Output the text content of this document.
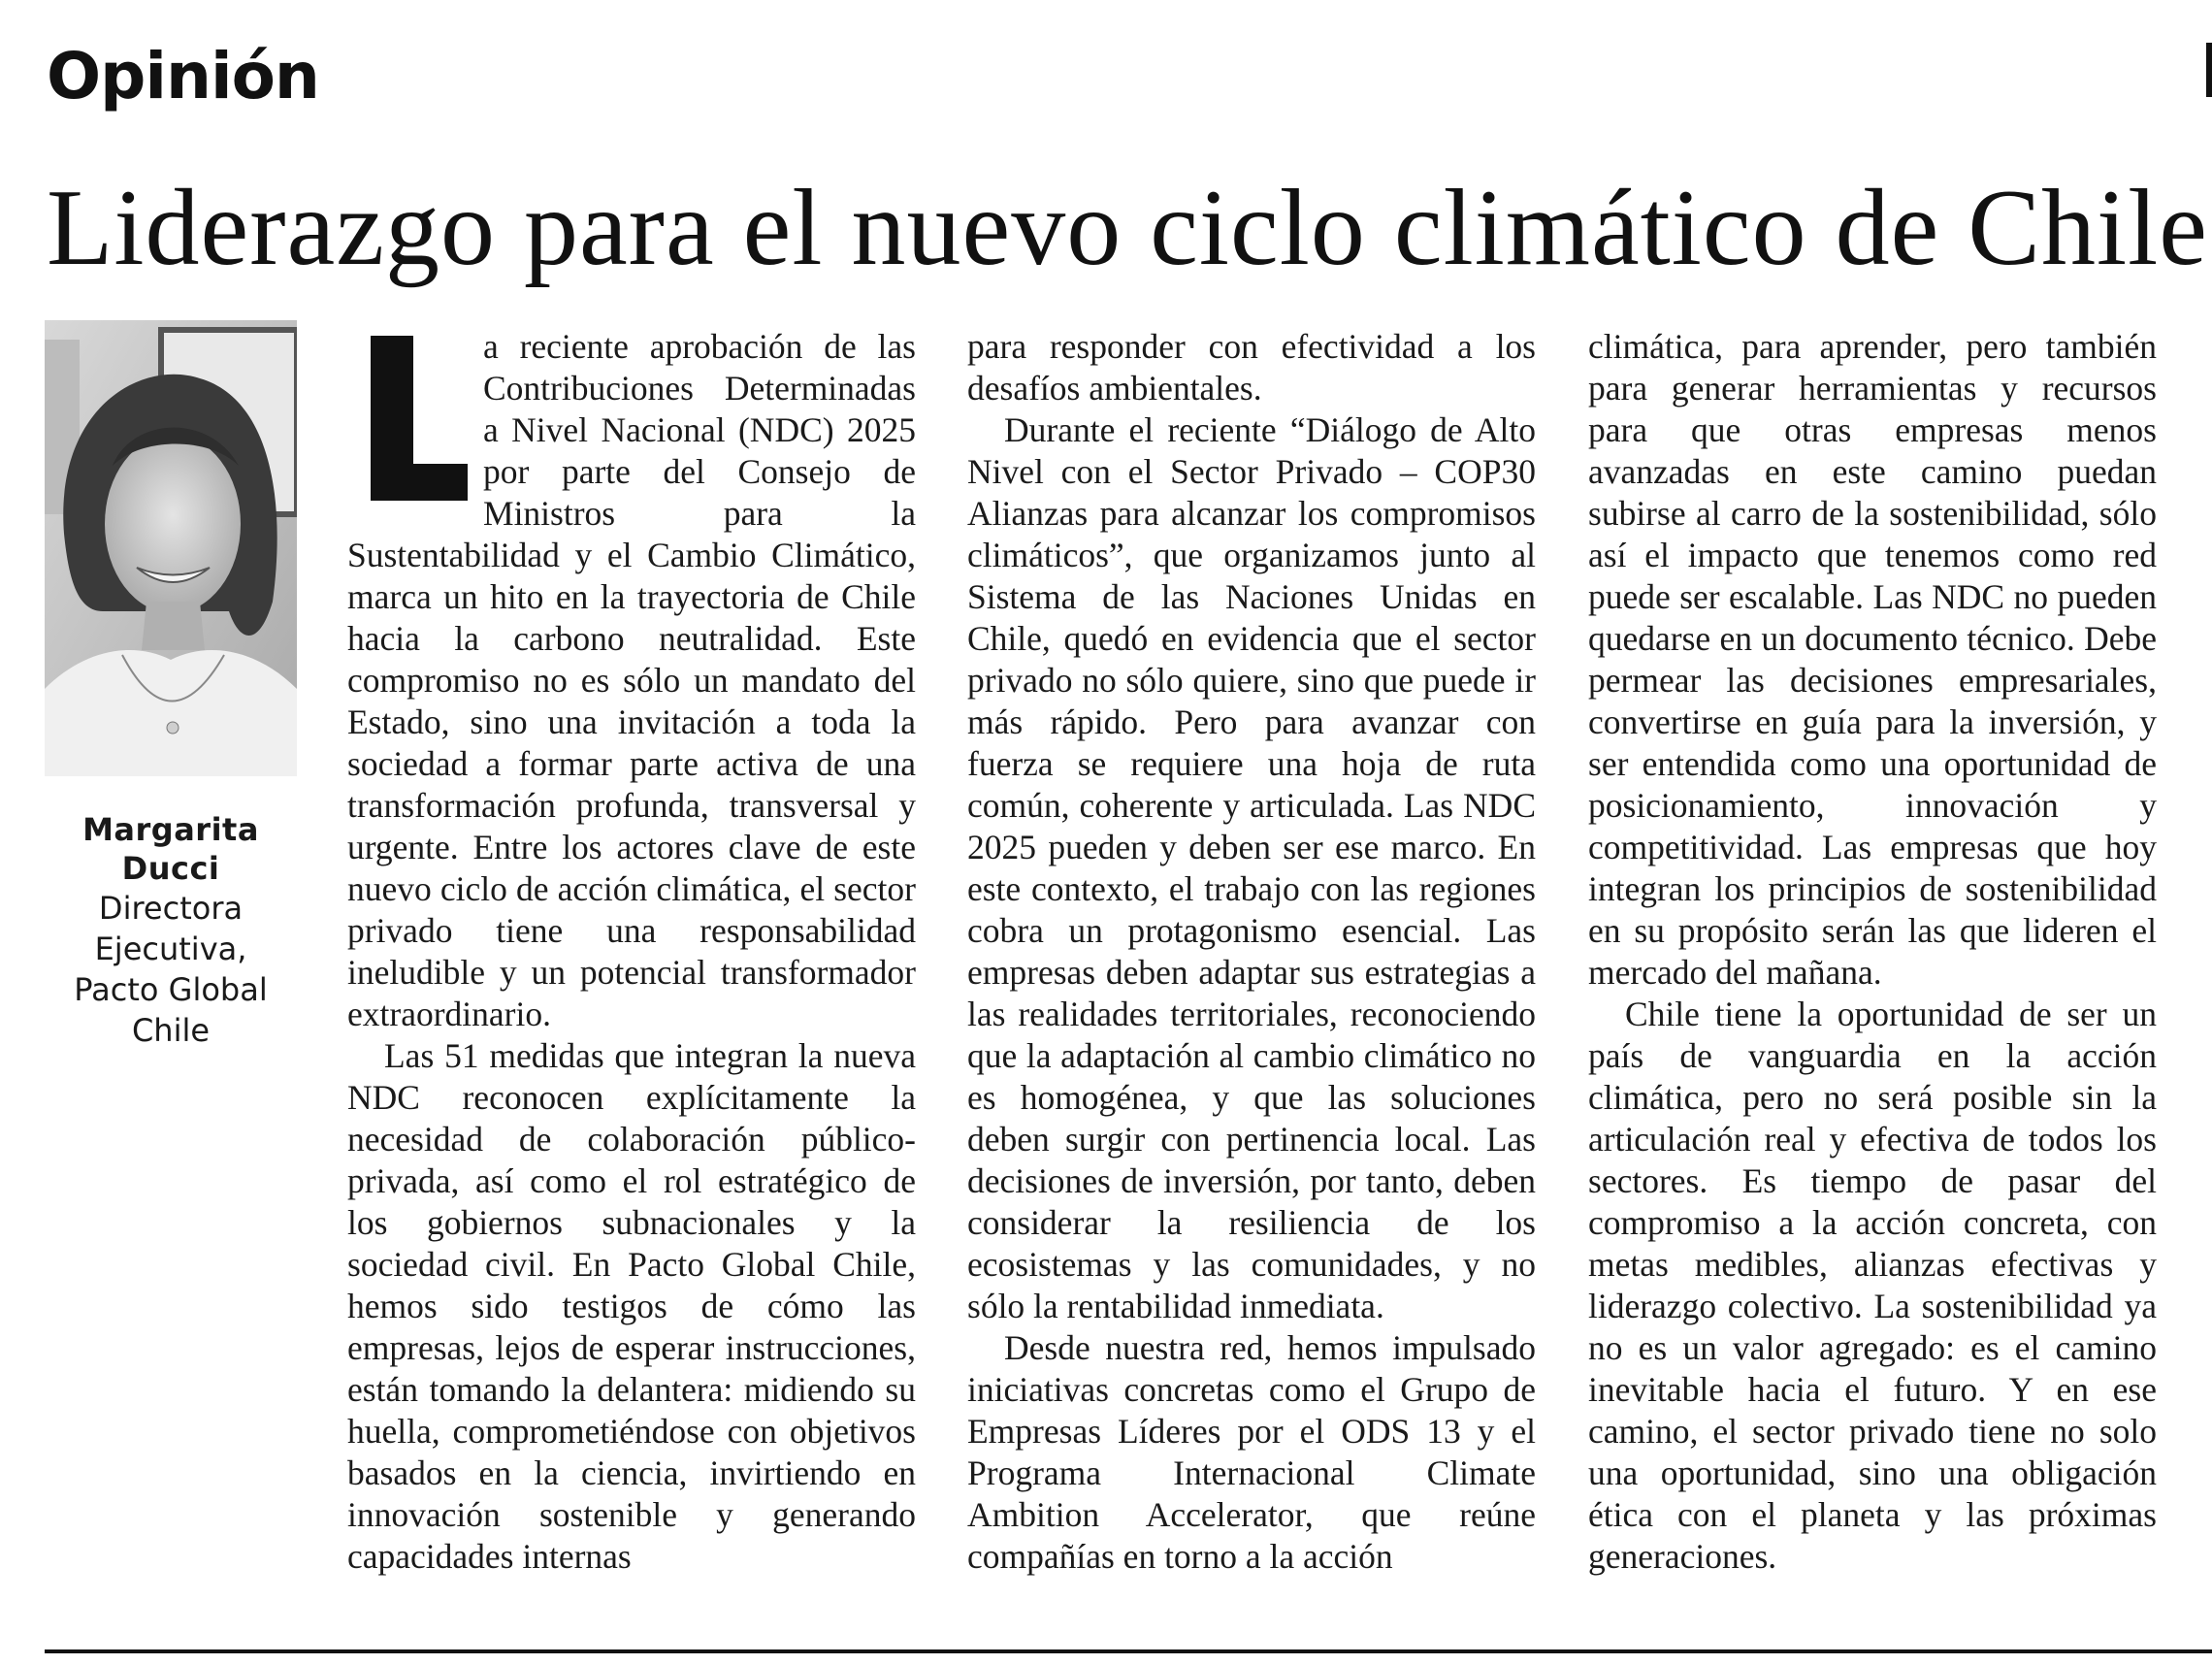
Opinión
Liderazgo para el nuevo ciclo climático de Chile
Margarita
Ducci
Directora
Ejecutiva,
Pacto Global
Chile

a reciente aprobación de las Contribuciones Determinadas a Nivel Nacional (NDC) 2025 por parte del Consejo de Ministros para la Sustentabilidad y el Cambio Climático, marca un hito en la trayectoria de Chile hacia la carbono neutralidad. Este compromiso no es sólo un mandato del Estado, sino una invitación a toda la sociedad a formar parte activa de una transformación profunda, transversal y urgente. Entre los actores clave de este nuevo ciclo de acción climática, el sector privado tiene una responsabilidad ineludible y un potencial transformador extraordinario.

Las 51 medidas que integran la nueva NDC reconocen explícitamente la necesidad de colaboración público-privada, así como el rol estratégico de los gobiernos subnacionales y la sociedad civil. En Pacto Global Chile, hemos sido testigos de cómo las empresas, lejos de esperar instrucciones, están tomando la delantera: midiendo su huella, comprometiéndose con objetivos basados en la ciencia, invirtiendo en innovación sostenible y generando capacidades internas

para responder con efectividad a los desafíos ambientales.

Durante el reciente “Diálogo de Alto Nivel con el Sector Privado – COP30 Alianzas para alcanzar los compromisos climáticos”, que organizamos junto al Sistema de las Naciones Unidas en Chile, quedó en evidencia que el sector privado no sólo quiere, sino que puede ir más rápido. Pero para avanzar con fuerza se requiere una hoja de ruta común, coherente y articulada. Las NDC 2025 pueden y deben ser ese marco. En este contexto, el trabajo con las regiones cobra un protagonismo esencial. Las empresas deben adaptar sus estrategias a las realidades territoriales, reconociendo que la adaptación al cambio climático no es homogénea, y que las soluciones deben surgir con pertinencia local. Las decisiones de inversión, por tanto, deben considerar la resiliencia de los ecosistemas y las comunidades, y no sólo la rentabilidad inmediata.

Desde nuestra red, hemos impulsado iniciativas concretas como el Grupo de Empresas Líderes por el ODS 13 y el Programa Internacional Climate Ambition Accelerator, que reúne compañías en torno a la acción

climática, para aprender, pero también para generar herramientas y recursos para que otras empresas menos avanzadas en este camino puedan subirse al carro de la sostenibilidad, sólo así el impacto que tenemos como red puede ser escalable. Las NDC no pueden quedarse en un documento técnico. Debe permear las decisiones empresariales, convertirse en guía para la inversión, y ser entendida como una oportunidad de posicionamiento, innovación y competitividad. Las empresas que hoy integran los principios de sostenibilidad en su propósito serán las que lideren el mercado del mañana.

Chile tiene la oportunidad de ser un país de vanguardia en la acción climática, pero no será posible sin la articulación real y efectiva de todos los sectores. Es tiempo de pasar del compromiso a la acción concreta, con metas medibles, alianzas efectivas y liderazgo colectivo. La sostenibilidad ya no es un valor agregado: es el camino inevitable hacia el futuro. Y en ese camino, el sector privado tiene no solo una oportunidad, sino una obligación ética con el planeta y las próximas generaciones.
